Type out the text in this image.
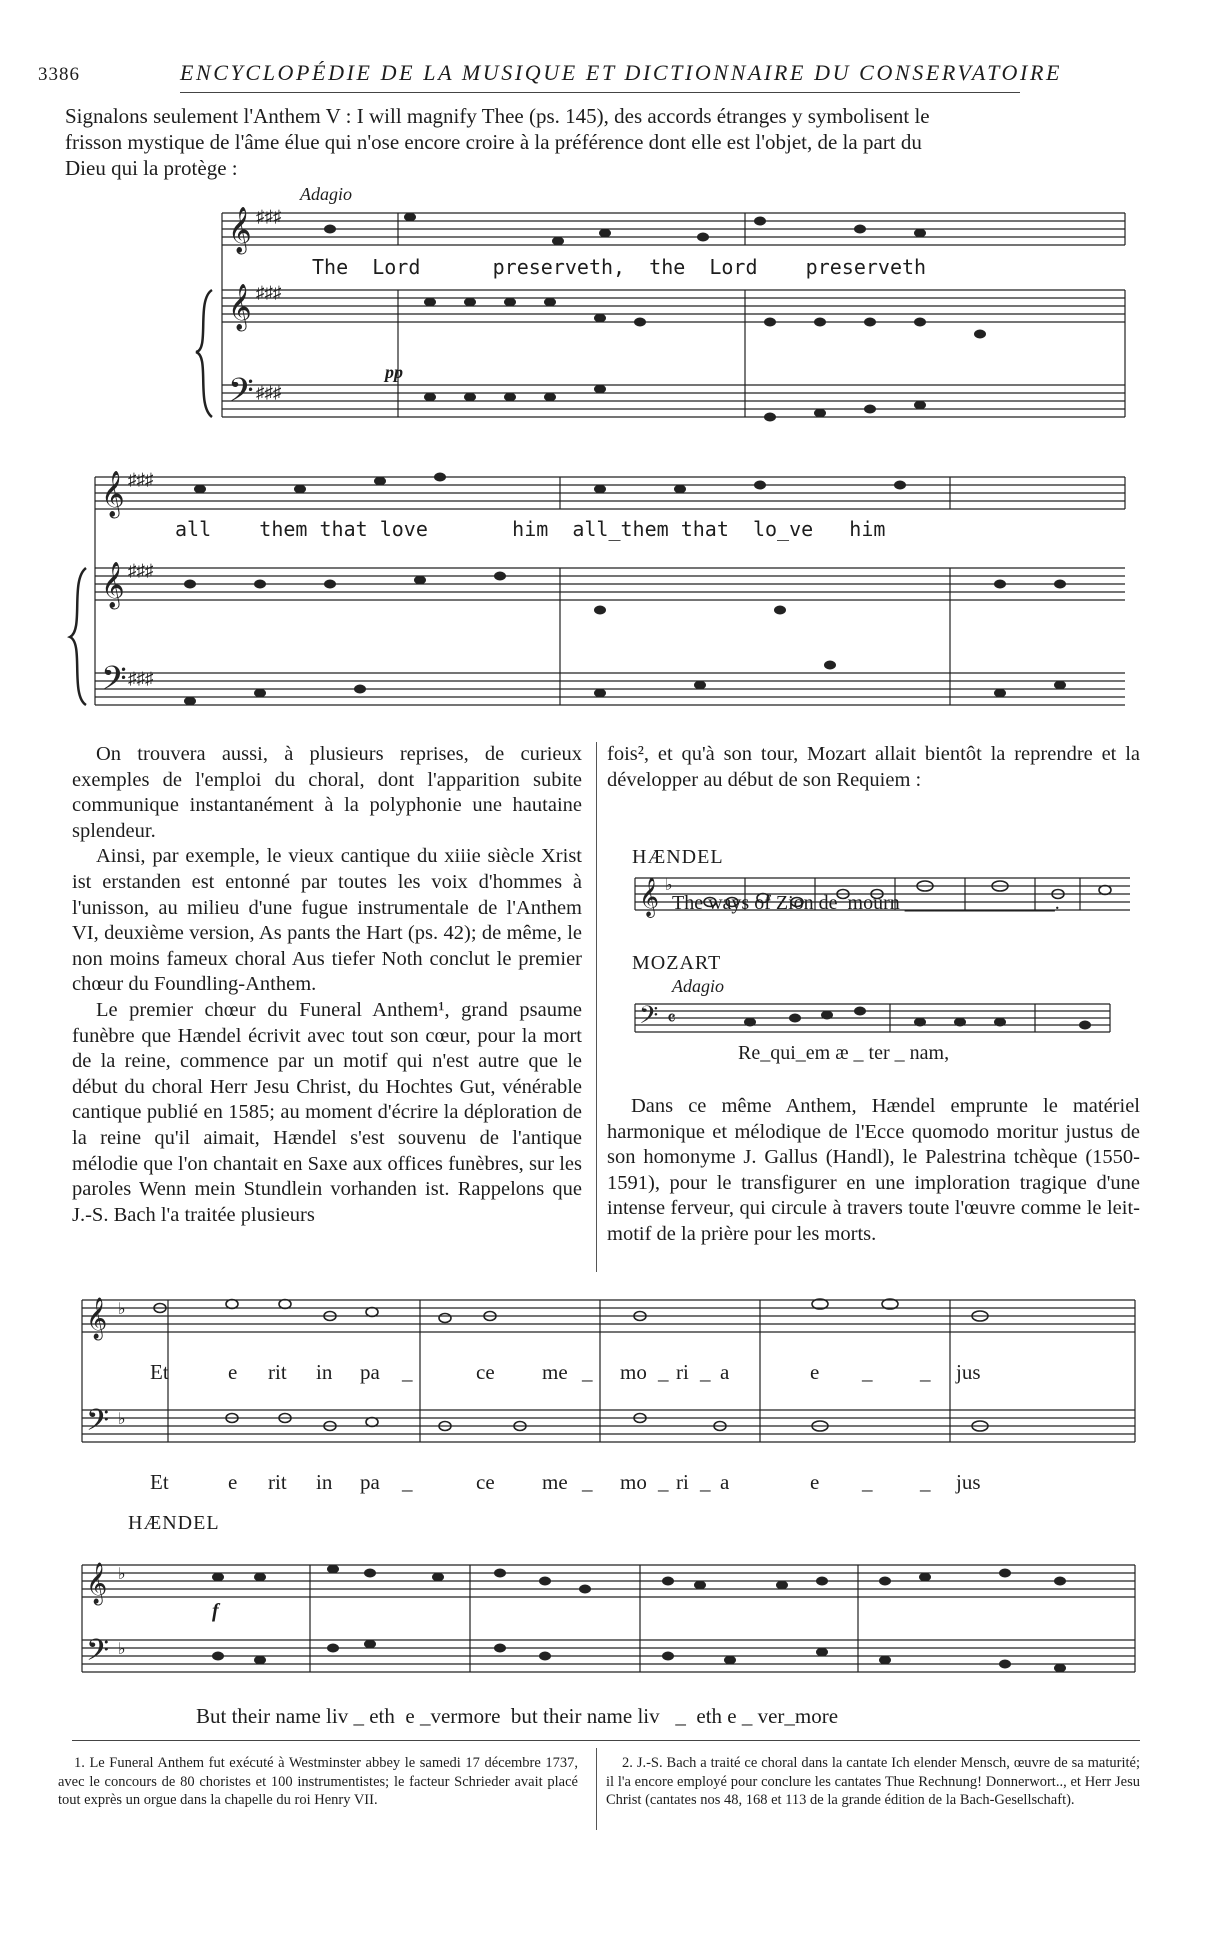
3386	ENCYCLOPÉDIE DE LA MUSIQUE ET DICTIONNAIRE DU CONSERVATOIRE
Signalons seulement l'Anthem V : I will magnify Thee (ps. 145), des accords étranges y symbolisent le
frisson mystique de l'âme élue qui n'ose encore croire à la préférence dont elle est l'objet, de la part du
Dieu qui la protège :
𝄞
𝄞
𝄢
𝄞
𝄞
𝄢
♯♯♯
♯♯♯
♯♯♯
♯♯♯
♯♯♯
♯♯♯
Adagio
pp
The  Lord      preserveth,  the  Lord    preserveth
all    them that love       him  all_them that  lo_ve   him

On trouvera aussi, à plusieurs reprises, de curieux exemples de l'emploi du choral, dont l'apparition subite communique instantanément à la polyphonie une hautaine splendeur.

Ainsi, par exemple, le vieux cantique du xiiie siècle Xrist ist erstanden est entonné par toutes les voix d'hommes à l'unisson, au milieu d'une fugue instrumentale de l'Anthem VI, deuxième version, As pants the Hart (ps. 42); de même, le non moins fameux choral Aus tiefer Noth conclut le premier chœur du Foundling-Anthem.

Le premier chœur du Funeral Anthem¹, grand psaume funèbre que Hændel écrivit avec tout son cœur, pour la mort de la reine, commence par un motif qui n'est autre que le début du choral Herr Jesu Christ, du Hochtes Gut, vénérable cantique publié en 1585; au moment d'écrire la déploration de la reine qu'il aimait, Hændel s'est souvenu de l'antique mélodie que l'on chantait en Saxe aux offices funèbres, sur les paroles Wenn mein Stundlein vorhanden ist. Rappelons que J.-S. Bach l'a traitée plusieurs

fois², et qu'à son tour, Mozart allait bientôt la reprendre et la développer au début de son Requiem :

HÆNDEL
𝄞 ♭
The ways of Zion de  mourn _______________.
MOZART
Adagio
𝄢 𝄴
Re_qui_em æ _ ter _ nam,

Dans ce même Anthem, Hændel emprunte le matériel harmonique et mélodique de l'Ecce quomodo moritur justus de son homonyme J. Gallus (Handl), le Palestrina tchèque (1550-1591), pour le transfigurer en une imploration tragique d'une intense ferveur, qui circule à travers toute l'œuvre comme le leit-motif de la prière pour les morts.

𝄞
𝄢
𝄞
𝄢
♭
♭
♭
♭
Et	e rit in pa _	ce me _ mo _ ri _ a	e _ _ jus
Et	e rit in pa _	ce me _ mo _ ri _ a	e _ _ jus
HÆNDEL
f
But their name liv _ eth  e _vermore  but their name liv   _  eth e _ ver_more

1. Le Funeral Anthem fut exécuté à Westminster abbey le samedi 17 décembre 1737, avec le concours de 80 choristes et 100 instrumentistes; le facteur Schrieder avait placé tout exprès un orgue dans la chapelle du roi Henry VII.

2. J.-S. Bach a traité ce choral dans la cantate Ich elender Mensch, œuvre de sa maturité; il l'a encore employé pour conclure les cantates Thue Rechnung! Donnerwort.., et Herr Jesu Christ (cantates nos 48, 168 et 113 de la grande édition de la Bach-Gesellschaft).
